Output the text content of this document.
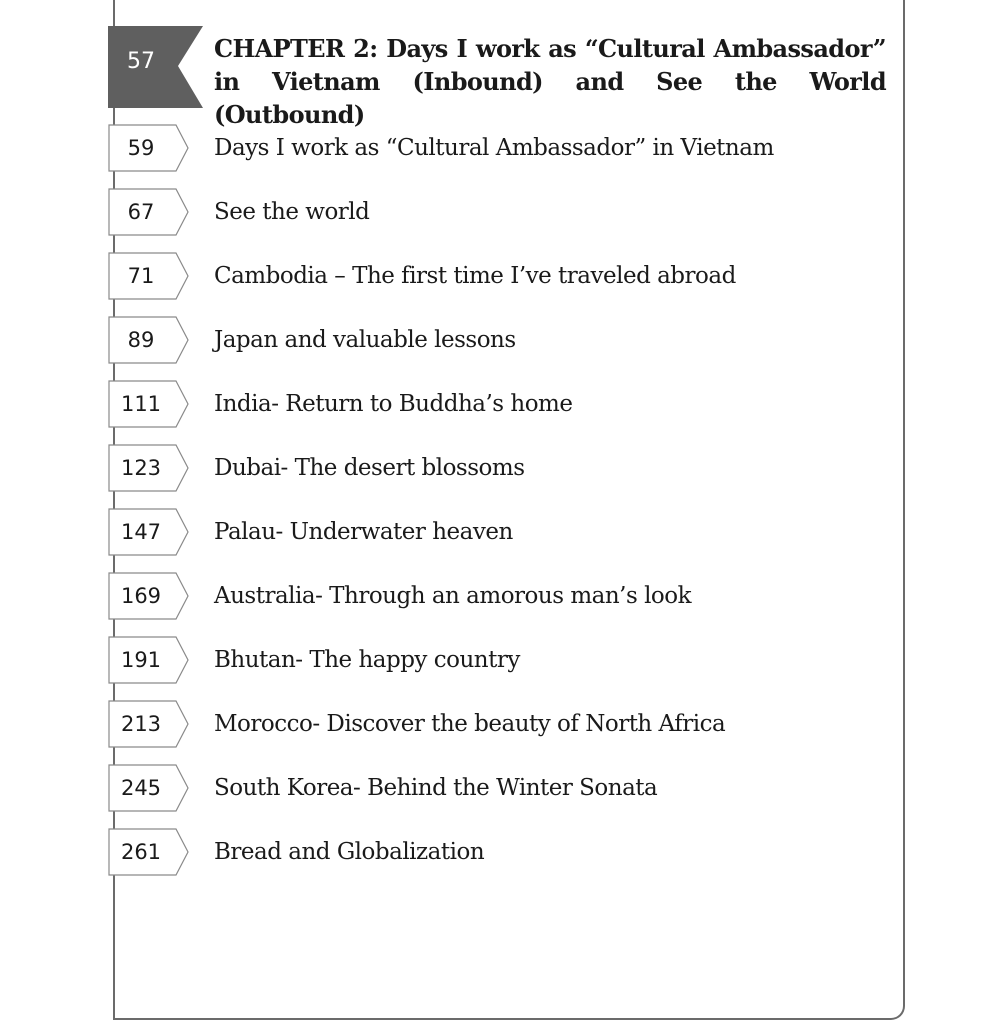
57	CHAPTER 2: Days I work as “Cultural Ambassador” in Vietnam (Inbound) and See the World (Outbound)
59	Days I work as “Cultural Ambassador” in Vietnam
67	See the world
71	Cambodia – The first time I’ve traveled abroad
89	Japan and valuable lessons
111	India- Return to Buddha’s home
123	Dubai- The desert blossoms
147	Palau- Underwater heaven
169	Australia- Through an amorous man’s look
191	Bhutan- The happy country
213	Morocco- Discover the beauty of North Africa
245	South Korea- Behind the Winter Sonata
261	Bread and Globalization
